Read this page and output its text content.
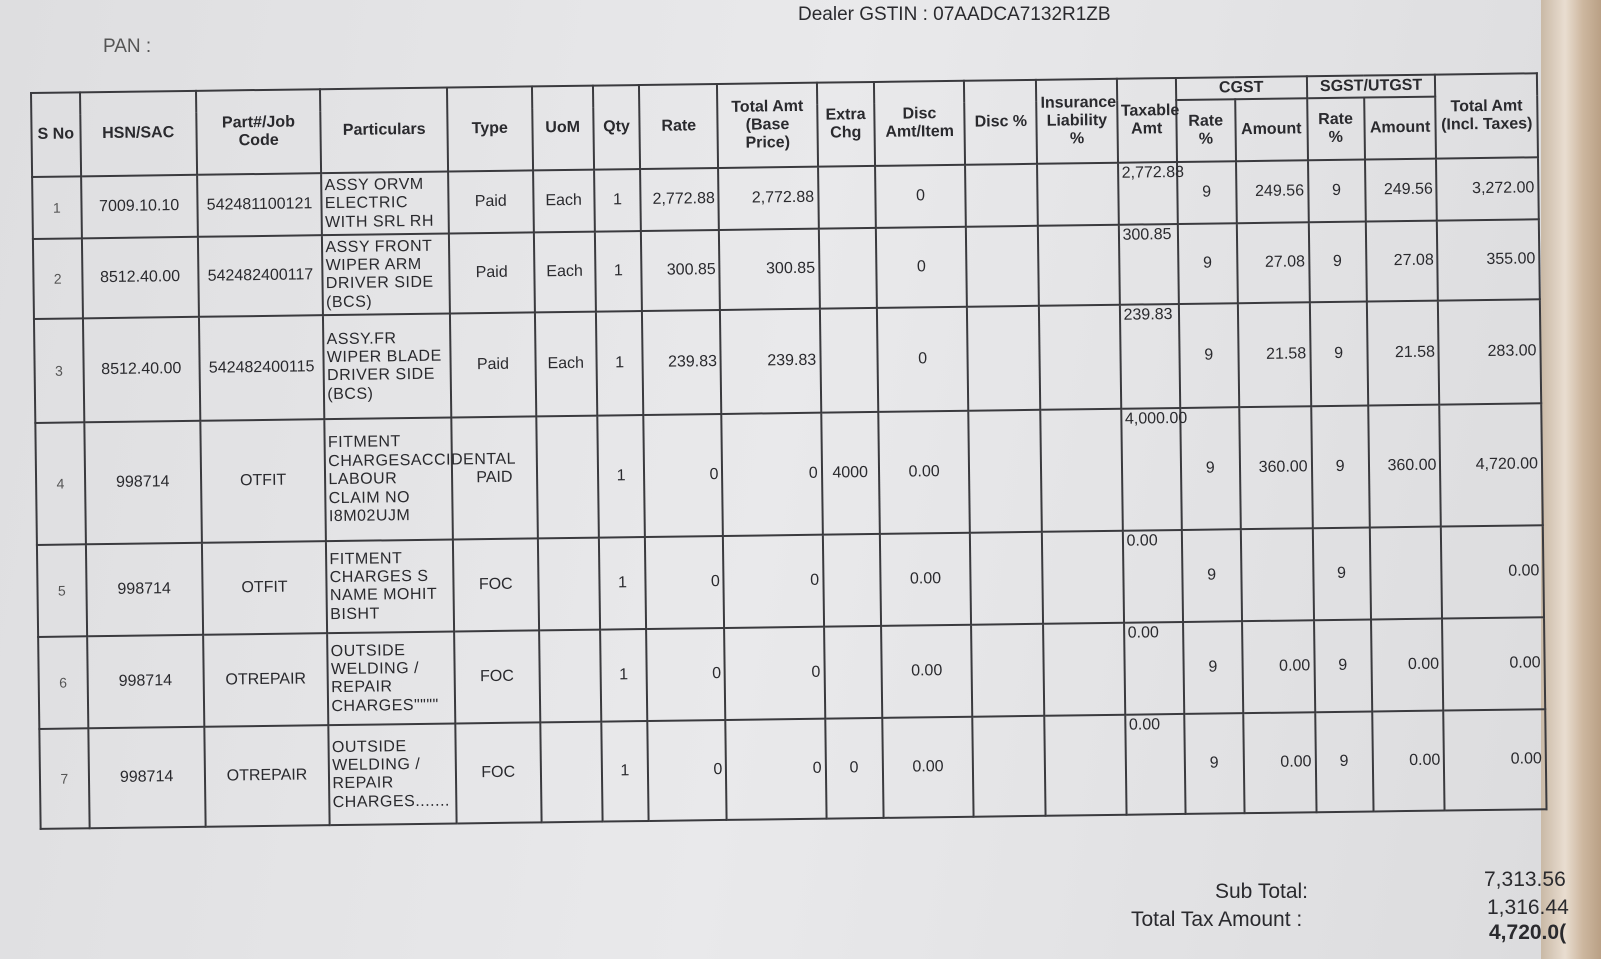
Dealer GSTIN : 07AADCA7132R1ZB
PAN :
S No	HSN/SAC	Part#/Job Code	Particulars	Type	UoM	Qty	Rate	Total Amt (Base Price)	Extra Chg	Disc Amt/Item	Disc %	Insurance Liability %	Taxable Amt	CGST		SGST/UTGST		Total Amt (Incl. Taxes)
														Rate %	Amount	Rate %	Amount	
1	7009.10.10	542481100121	ASSY ORVM ELECTRIC WITH SRL RH	Paid	Each	1	2,772.88	2,772.88		0			2,772.88	9	249.56	9	249.56	3,272.00
2	8512.40.00	542482400117	ASSY FRONT WIPER ARM DRIVER SIDE (BCS)	Paid	Each	1	300.85	300.85		0			300.85	9	27.08	9	27.08	355.00
3	8512.40.00	542482400115	ASSY.FR WIPER BLADE DRIVER SIDE (BCS)	Paid	Each	1	239.83	239.83		0			239.83	9	21.58	9	21.58	283.00
4	998714	OTFIT	FITMENT CHARGESACCIDENTAL LABOUR CLAIM NO I8M02UJM	PAID		1	0	0	4000	0.00			4,000.00	9	360.00	9	360.00	4,720.00
5	998714	OTFIT	FITMENT CHARGES S NAME MOHIT BISHT	FOC		1	0	0		0.00			0.00	9		9		0.00
6	998714	OTREPAIR	OUTSIDE WELDING / REPAIR CHARGES""""	FOC		1	0	0		0.00			0.00	9	0.00	9	0.00	0.00
7	998714	OTREPAIR	OUTSIDE WELDING / REPAIR CHARGES.......	FOC		1	0	0	0	0.00			0.00	9	0.00	9	0.00	0.00
Sub Total:
7,313.56
Total Tax Amount :
1,316.44
4,720.0(
